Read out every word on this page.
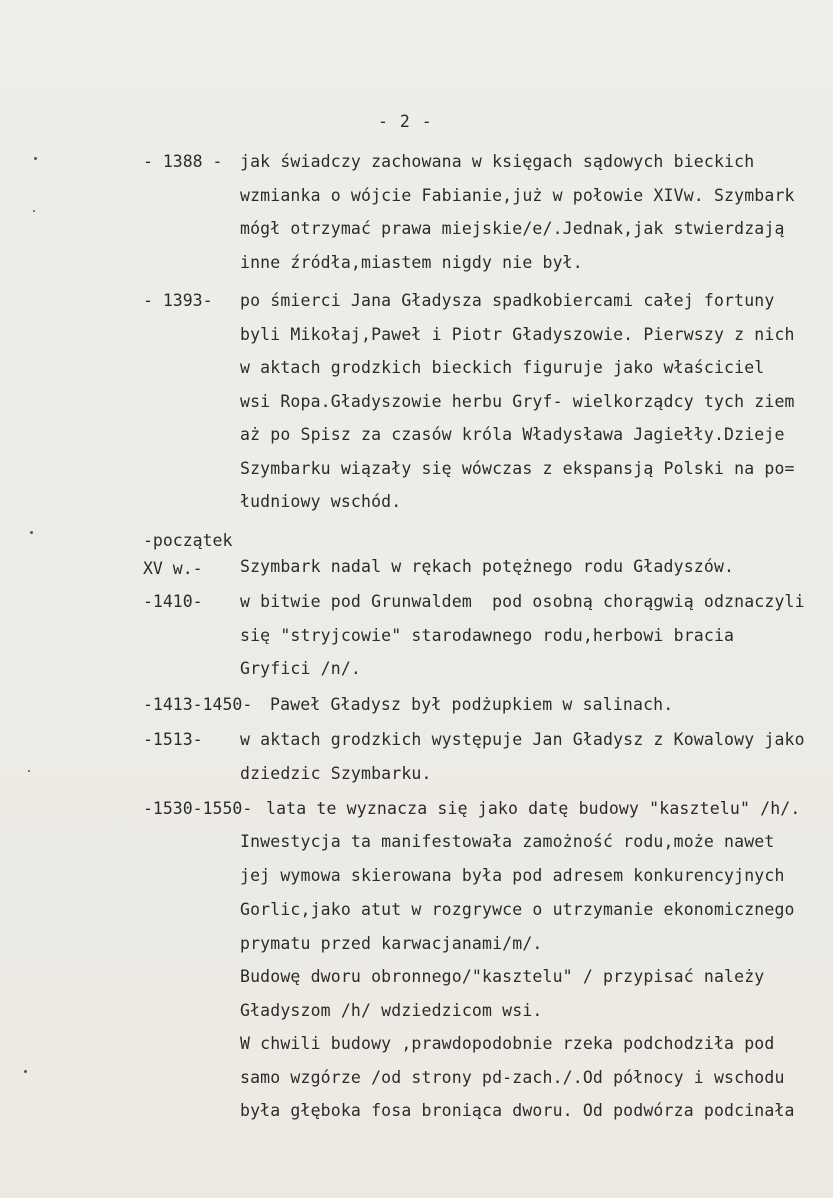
- 2 -
- 1388 - jak świadczy zachowana w księgach sądowych bieckich
wzmianka o wójcie Fabianie,już w połowie XIVw. Szymbark
mógł otrzymać prawa miejskie/e/.Jednak,jak stwierdzają
inne źródła,miastem nigdy nie był.
- 1393- po śmierci Jana Gładysza spadkobiercami całej fortuny
byli Mikołaj,Paweł i Piotr Gładyszowie. Pierwszy z nich
w aktach grodzkich bieckich figuruje jako właściciel
wsi Ropa.Gładyszowie herbu Gryf- wielkorządcy tych ziem
aż po Spisz za czasów króla Władysława Jagiełły.Dzieje
Szymbarku wiązały się wówczas z ekspansją Polski na po=
łudniowy wschód.
-początek
XV w.- Szymbark nadal w rękach potężnego rodu Gładyszów.
-1410- w bitwie pod Grunwaldem  pod osobną chorągwią odznaczyli
się "stryjcowie" starodawnego rodu,herbowi bracia
Gryfici /n/.
-1413-1450- Paweł Gładysz był podżupkiem w salinach.
-1513- w aktach grodzkich występuje Jan Gładysz z Kowalowy jako
dziedzic Szymbarku.
-1530-1550- lata te wyznacza się jako datę budowy "kasztelu" /h/.
Inwestycja ta manifestowała zamożność rodu,może nawet
jej wymowa skierowana była pod adresem konkurencyjnych
Gorlic,jako atut w rozgrywce o utrzymanie ekonomicznego
prymatu przed karwacjanami/m/.
Budowę dworu obronnego/"kasztelu" / przypisać należy
Gładyszom /h/ wdziedzicom wsi.
W chwili budowy ,prawdopodobnie rzeka podchodziła pod
samo wzgórze /od strony pd-zach./.Od północy i wschodu
była głęboka fosa broniąca dworu. Od podwórza podcinała
